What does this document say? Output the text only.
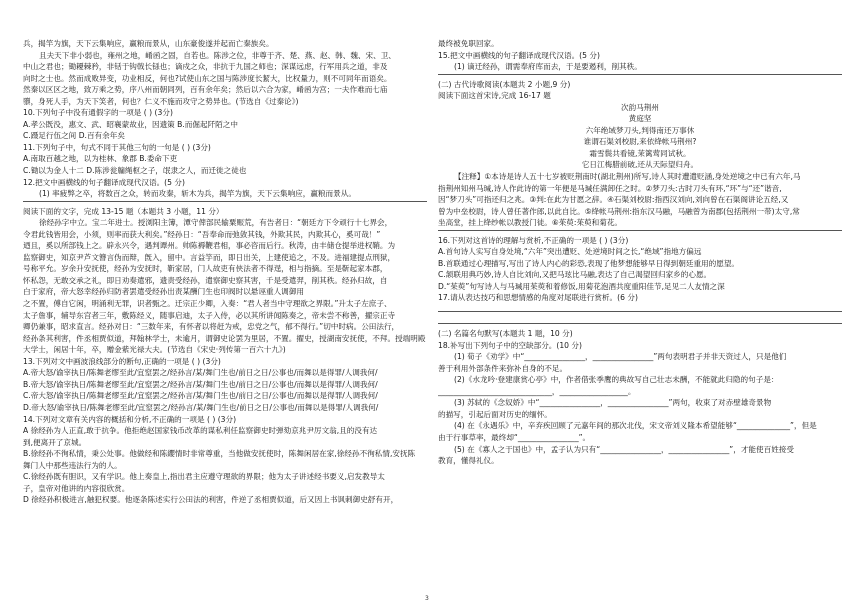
兵，揭竿为旗，天下云集响应，赢粮而景从，山东豪俊遂并起而亡秦族矣。
且夫天下非小弱也，雍州之地，崤函之固，自若也。陈涉之位，非尊于齐、楚、燕、赵、韩、魏、宋、卫、
中山之君也；锄耰棘矜，非铦于钩戟长铩也；谪戍之众，非抗于九国之师也；深谋远虑，行军用兵之道，非及
向时之士也。然而成败异变，功业相反，何也?试使山东之国与陈涉度长絜大，比权量力，则不可同年而语矣。
然秦以区区之地，致万乘之势，序八州而朝同列，百有余年矣；然后以六合为家，崤函为宫；一夫作难而七庙
隳，身死人手，为天下笑者，何也？仁义不施而攻守之势异也。(节选自《过秦论》)
10.下列句子中没有通假字的一项是 ( ) (3分)
A.孝公既没，惠文、武、昭襄蒙故业，因遗策 B.而倔起阡陌之中
C.蹑足行伍之间 D.百有余年矣
11.下列句子中，句式不同于其他三句的一句是 ( ) (3分)
A.南取百越之地，以为桂林、象郡 B.委命下吏
C.锄以为金人十二 D.陈涉瓮牖绳枢之子，氓隶之人，而迁徙之徒也
12.把文中画横线的句子翻译成现代汉语。(5 分)
(1) 率疲弊之卒，将数百之众，转而攻秦，斩木为兵，揭竿为旗，天下云集响应，赢粮而景从。
阅读下面的文字，完成 13-15 题（本题共 3 小题，11 分）
徐经孙字中立。宝二年进士。授浏阳主簿，潭守俾部民输粟赈荒，有告者日：“朝廷方下令顽行十七界会，
令君此钱皆用会，小须，则率而获大利矣。”经孙日：“吾奉命而弛敛其钱，外欺其民，内欺其心，奚可哉！”
迺且，奚以所部钱上之。辟永兴令，遇判谭州。帅陈褥鞭君相，事必咨而后行。秋涛，由丰储仓提举进权鞘。为
监察御史，知京尹芦文簪言伪而辩，旣入，留中。言益竽而，即日出关，上建使追之，不及。进福建提点刑狱，
号称平允。岁余升安抚使，经孙为安抚时，靳家居，门人故吏有侠法者不得逞，相与指摘。至是靳起家本郡，
怀私怨，无敢交承之礼，即日劝奏遣邪，遗责受经孙，遣察御史察其害，千是受遣羿，削其秩。经孙归故，自
白于家府，帝大怒幸经孙归防者罢遣受经孙出责某酬门生也印阀时以悬诬重人调御用
之不置，傅自它闲，明涌利无罪，识者甄之。迁宗正少卿，入奏：“君人者当中守理欲之界限。”升太子左庶子、
太子詹事，辅导东宫者三年，敷陈经义，随事启迪，太子入侍，必以其所讲闻陈奏之，帝未尝不称善，擢宗正寺
卿仍兼事，昭求直言。经孙对日：“三数年来，有怀者以将赶为戒，忠党之气，郁不得行。”切中时病。公田法行，
经孙条其利害，件丞相贾似道，拜翰林学士，未逾月，谓御史论罢为里居，不置。擢史，授湖南安抚使，不拜。授端明殿
大学士，闲居十年，卒，赠金紫光禄大夫。(节选自《宋史·列传第一百六十九》)
13.下列对文中画波浪线部分的断句,正确的一项是 ( ) (3分)
A.帝大怒/谕宰执日/陈舞老缪至此/宜窒罢之/经孙言/某/舞门生也/前日之日/公事也/而舞以是得罪/人调我何/
B.帝大怒/谕宰执日/陈舞老缪至此/宜窒罢之/经孙言/某/舞门生也/前日之日/公事也/而舞以是得罪/人调我何/
C.帝大怒/谕宰执日/陈舞老缪至此/宜窒罢之/经孙言/某/舞门生也/前日之日/公事也/而舞以是得罪/人调我何/
D.帝大怒/谕宰执日/陈舞老缪至此/宜窒罢之/经孙言/某/舞门生也/前日之日/公事也/而舞以是得罪/人调我何/
14.下列对文章有关内容的概括和分析,不正确的一项是 ( ) (3分)
A 徐经孙为人正直,敢于抗争。他拒绝赵国家钱币改革的谋私利任监察御史时弹劾京兆尹厉文翁,且的没有达
到,便离开了京城。
B.徐经孙不徇私情，秉公处事。他做经和陈纓情时非常尊重，当他做安抚使时，陈舞闲居在家,徐经孙不徇私情,安抚陈
舞门人中那些违法行为的人。
C.徐经孙既有胆识，又有学识。他上奏皇上,指出君主应遵守理欲的界限；他为太子讲述经书要义,启发教导太
子，皇帝对他讲的内容很欣赏。
D 徐经孙积极进言,触犯权要。他逐条陈述实行公田法的利害，件逆了丞相贾似道，后又因上书讽刺御史舒有开，
最终被免职回家。
15.把文中画横线的句子翻译成现代汉语。(5 分)
(1) 谪迁经孙，谓需奉府库而去，于是要遏利，削其秩。
(二) 古代诗歌阅读(本题共 2 小题,9 分)
阅读下面这首宋诗,完成 16-17 题
次韵马荆州
黄庭坚
六年绝域梦刀头,判得南还万事休
谁谓石渠刘校尉,来依绛帐马荆州?
霜雪鬓共看镜,茉篱莺同试秋。
它日江梅腊前破,还从天际望归舟。
【注释】①本诗是诗人五十七岁被贬荆南时(湖北荆州)所写,诗人其时遭遣贬涵,身处逆境之中已有六年,马
指荆州知州马瑊,诗人作此诗的第一年便是马瑊任满卸任之时。②梦刀头:古时刀头有环,“环”与“还”谐音,
因“梦刀头”可指还归之兆。③判:在此为甘愿之辞。④石渠刘校尉:指西汉刘向,刘向曾在石渠阁讲论五经,又
曾为中垒校尉，诗人曾任著作郎,以此自比。⑤绛帐马荆州:指东汉马融，马融曾为南郡(包括荆州一带)太守,常
坐高堂，挂上绛纱帐以教授门徒。⑥茱萸:茱萸和菊花。
16.下列对这首诗的理解与赏析,不正确的一项是 ( ) (3分)
A.首句诗人实写自身处境,“六年”突出遭贬、处逆境时间之长,“绝域”指地方偏远
B.首联通过心理描写,写出了诗人内心的彩恐,表现了他梦想能够早日得到朝廷重用的愿望。
C.颔联用典巧妙,诗人自比刘向,又把马玹比马融,表达了自己渴望回归家乡的心愿。
D.“茱萸”句写诗人与马瑊用茱萸和着修饭,用菊花泡酒共度重阳佳节,足见二人友情之深
17.请从表达技巧和思想情感的角度对尾联进行赏析。(6 分)
(二) 名篇名句默写(本题共 1 题，10 分)
18.补写出下列句子中的空缺部分。(10 分)
(1) 荀子《劝学》中“________________，________________”两句表明君子并非天资过人，只是他们
善于利用外部条件来弥补自身的不足。
(2)《水龙吟·登建康赏心亭》中，作者借张季鹰的典故写自己壮志未酬，不能就此归隐的句子是：
______________________________，__________________。
(3) 苏轼的《念奴娇》中“________________，________________”两句，收束了对赤壁雄奇景物
的描写，引起后面对历史的缅怀。
(4) 在《永遇乐》中，辛弃疾回顾了元嘉年间的那次北伐，宋文帝刘义隆本希望能够“______________”，但是
由于行事草率，最终却“________________”。
(5) 在《寡人之于国也》中，孟子认为只有“________________，________________”，才能使百姓接受
教育，懂得礼仪。
3
